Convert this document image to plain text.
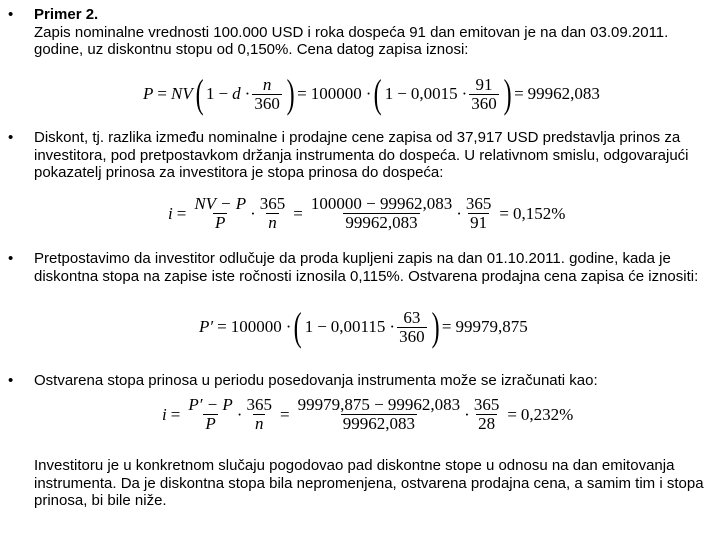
• Primer 2.
Zapis nominalne vrednosti 100.000 USD i roka dospeća 91 dan emitovan je na dan 03.09.2011. godine, uz diskontnu stopu od 0,150%. Cena datog zapisa iznosi:
P = NV ( $1 - d \cdot \frac{n}{360}$ ) = 100000 · ( $1 - 0,0015 \cdot \frac{91}{360}$ ) = 99962,083
• Diskont, tj. razlika između nominalne i prodajne cene zapisa od 37,917 USD predstavlja prinos za investitora, pod pretpostavkom držanja instrumenta do dospeća. U relativnom smislu, odgovarajući pokazatelj prinosa za investitora je stopa prinosa do dospeća:
$i = \frac{NV - P}{P} \cdot \frac{365}{n} = \frac{100000 - 99962,083}{99962,083} \cdot \frac{365}{91} = 0,152\%$
• Pretpostavimo da investitor odlučuje da proda kupljeni zapis na dan 01.10.2011. godine, kada je diskontna stopa na zapise iste ročnosti iznosila 0,115%. Ostvarena prodajna cena zapisa će iznositi:
P′ = 100000 · ( $1 - 0,00115 \cdot \frac{63}{360}$ ) = 99979,875
• Ostvarena stopa prinosa u periodu posedovanja instrumenta može se izračunati kao:
$i = \frac{P' - P}{P} \cdot \frac{365}{n} = \frac{99979,875 - 99962,083}{99962,083} \cdot \frac{365}{28} = 0,232\%$
Investitoru je u konkretnom slučaju pogodovao pad diskontne stope u odnosu na dan emitovanja instrumenta. Da je diskontna stopa bila nepromenjena, ostvarena prodajna cena, a samim tim i stopa prinosa, bi bile niže.
